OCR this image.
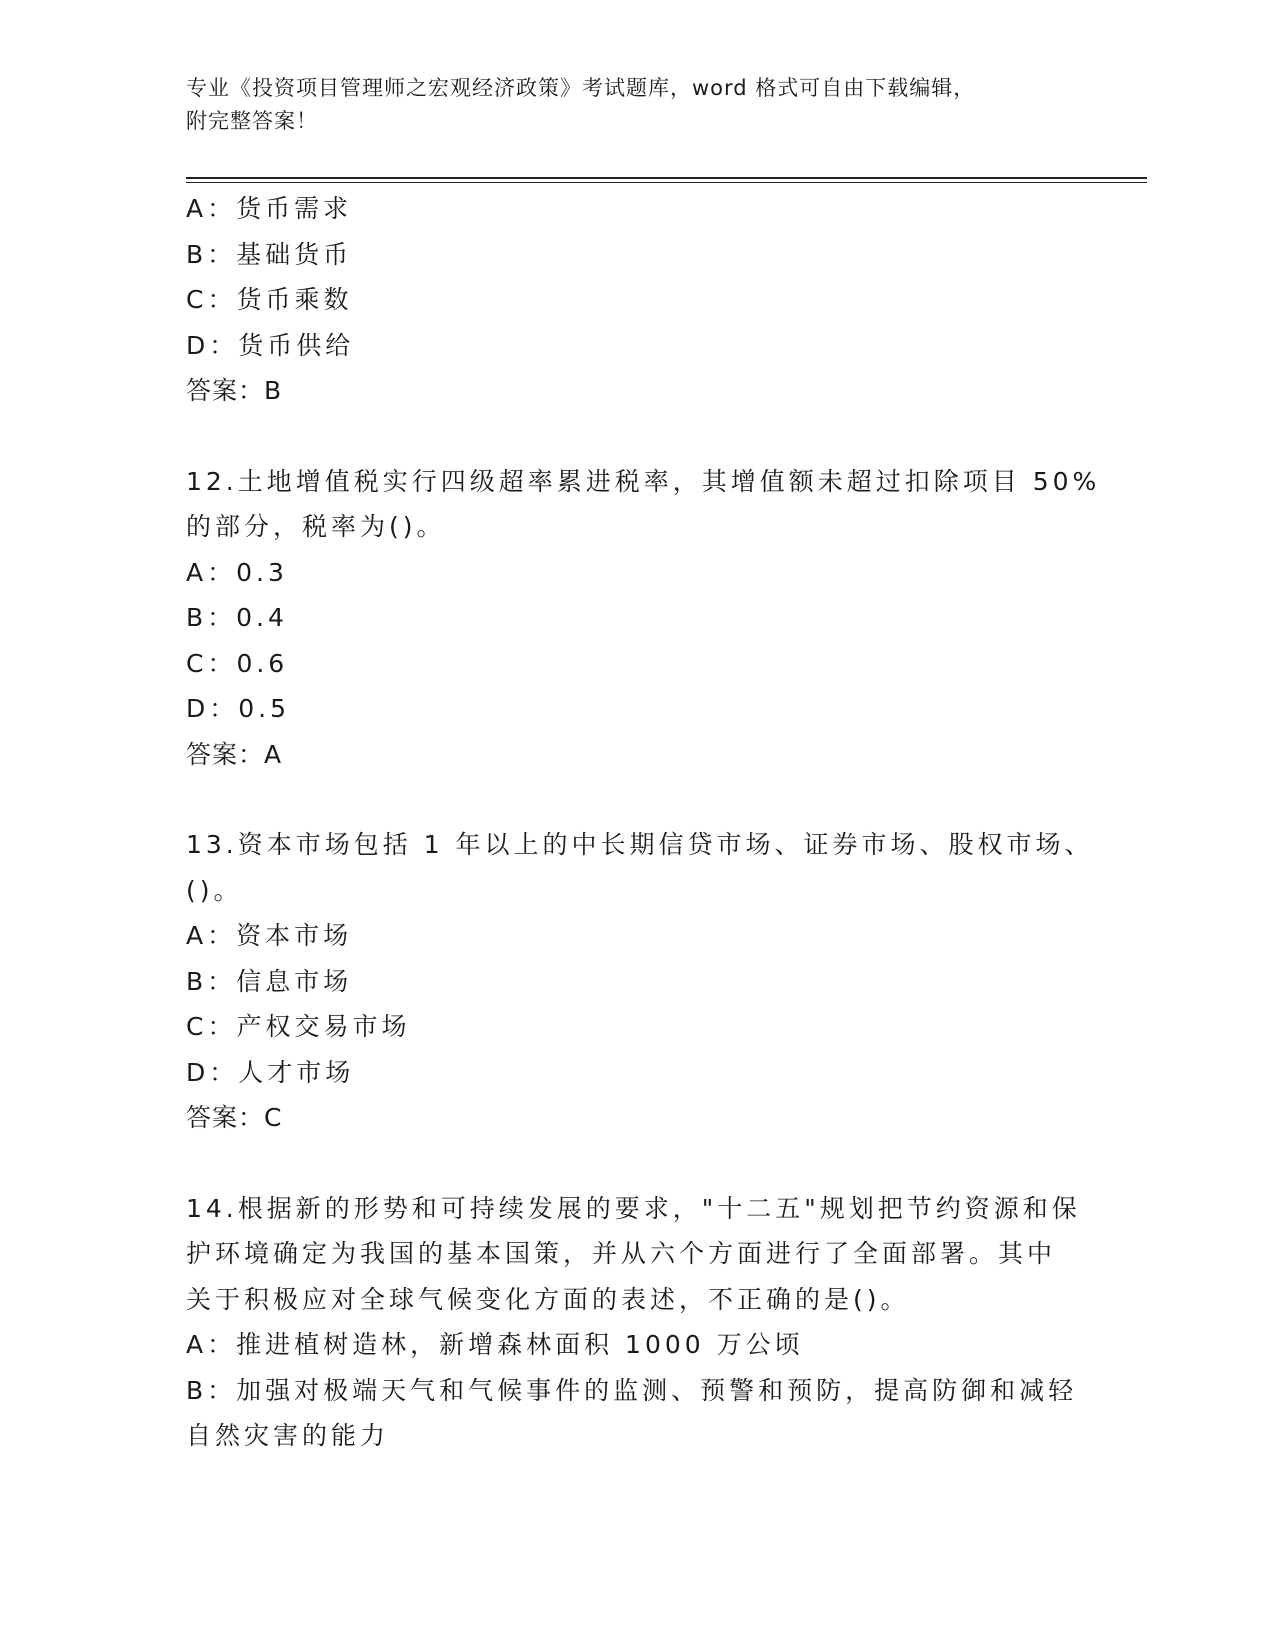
专业《投资项目管理师之宏观经济政策》考试题库，word 格式可自由下载编辑，
附完整答案！
A：货币需求
B：基础货币
C：货币乘数
D：货币供给
答案：B
12.土地增值税实行四级超率累进税率，其增值额未超过扣除项目 50%
的部分，税率为()。
A：0.3
B：0.4
C：0.6
D：0.5
答案：A
13.资本市场包括 1 年以上的中长期信贷市场、证券市场、股权市场、
()。
A：资本市场
B：信息市场
C：产权交易市场
D：人才市场
答案：C
14.根据新的形势和可持续发展的要求，"十二五"规划把节约资源和保
护环境确定为我国的基本国策，并从六个方面进行了全面部署。其中
关于积极应对全球气候变化方面的表述，不正确的是()。
A：推进植树造林，新增森林面积 1000 万公顷
B：加强对极端天气和气候事件的监测、预警和预防，提高防御和减轻
自然灾害的能力
